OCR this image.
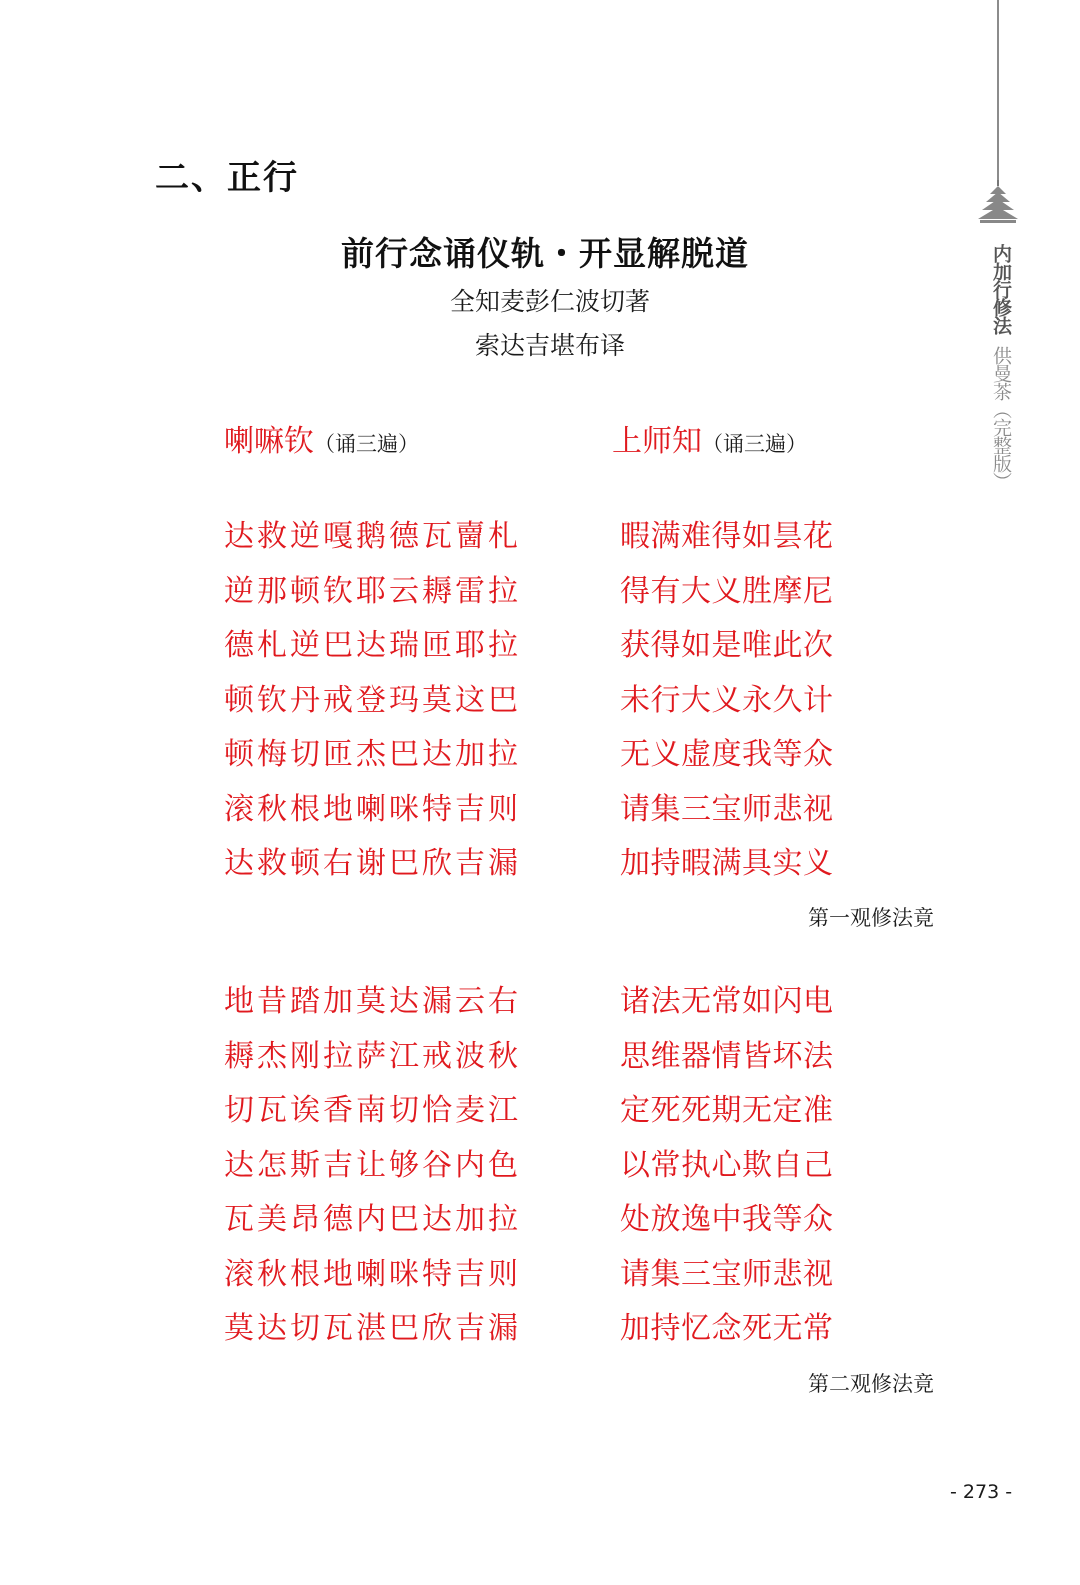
内加行修法供曼茶（完整版）
二、正行
前行念诵仪轨・开显解脱道
全知麦彭仁波切著
索达吉堪布译
喇嘛钦（诵三遍）	上师知（诵三遍）
达救逆嘎鹅德瓦夁札
逆那顿钦耶云耨雷拉
德札逆巴达瑞匝耶拉
顿钦丹戒登玛莫这巴
顿梅切匝杰巴达加拉
滚秋根地喇咪特吉则
达救顿右谢巴欣吉漏
暇满难得如昙花
得有大义胜摩尼
获得如是唯此次
未行大义永久计
无义虚度我等众
请集三宝师悲视
加持暇满具实义
第一观修法竟
地昔踏加莫达漏云右
耨杰刚拉萨江戒波秋
切瓦诶香南切恰麦江
达怎斯吉让够谷内色
瓦美昂德内巴达加拉
滚秋根地喇咪特吉则
莫达切瓦湛巴欣吉漏
诸法无常如闪电
思维器情皆坏法
定死死期无定准
以常执心欺自己
处放逸中我等众
请集三宝师悲视
加持忆念死无常
第二观修法竟
- 273 -
